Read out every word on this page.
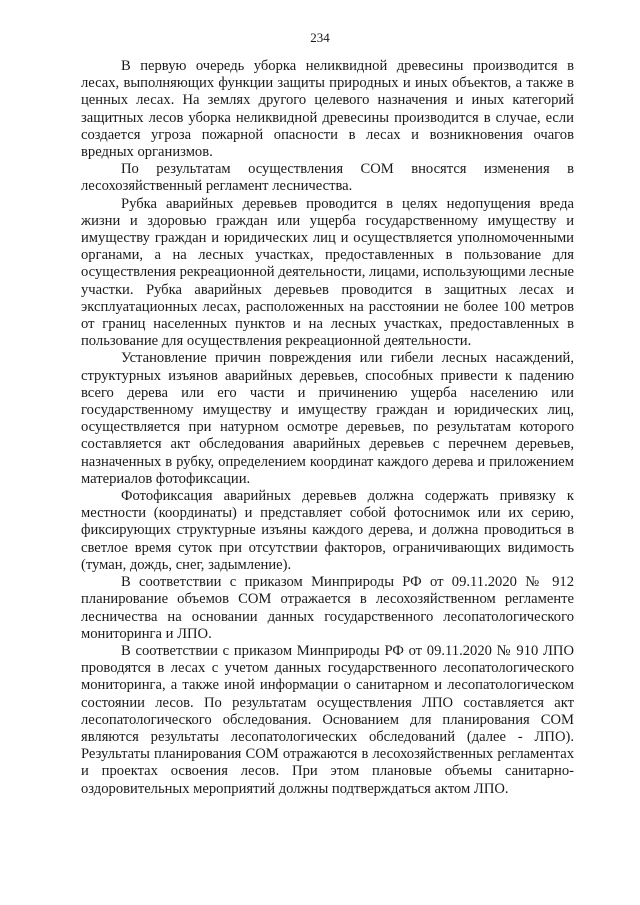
234

В первую очередь уборка неликвидной древесины производится в лесах, выполняющих функции защиты природных и иных объектов, а также в ценных лесах. На землях другого целевого назначения и иных категорий защитных лесов уборка неликвидной древесины производится в случае, если создается угроза пожарной опасности в лесах и возникновения очагов вредных организмов.

По результатам осуществления СОМ вносятся изменения в лесохозяйственный регламент лесничества.

Рубка аварийных деревьев проводится в целях недопущения вреда жизни и здоровью граждан или ущерба государственному имуществу и имуществу граждан и юридических лиц и осуществляется уполномоченными органами, а на лесных участках, предоставленных в пользование для осуществления рекреационной деятельности, лицами, использующими лесные участки. Рубка аварийных деревьев проводится в защитных лесах и эксплуатационных лесах, расположенных на расстоянии не более 100 метров от границ населенных пунктов и на лесных участках, предоставленных в пользование для осуществления рекреационной деятельности.

Установление причин повреждения или гибели лесных насаждений, структурных изъянов аварийных деревьев, способных привести к падению всего дерева или его части и причинению ущерба населению или государственному имуществу и имуществу граждан и юридических лиц, осуществляется при натурном осмотре деревьев, по результатам которого составляется акт обследования аварийных деревьев с перечнем деревьев, назначенных в рубку, определением координат каждого дерева и приложением материалов фотофиксации.

Фотофиксация аварийных деревьев должна содержать привязку к местности (координаты) и представляет собой фотоснимок или их серию, фиксирующих структурные изъяны каждого дерева, и должна проводиться в светлое время суток при отсутствии факторов, ограничивающих видимость (туман, дождь, снег, задымление).

В соответствии с приказом Минприроды РФ от 09.11.2020 № 912 планирование объемов СОМ отражается в лесохозяйственном регламенте лесничества на основании данных государственного лесопатологического мониторинга и ЛПО.

В соответствии с приказом Минприроды РФ от 09.11.2020 № 910 ЛПО проводятся в лесах с учетом данных государственного лесопатологического мониторинга, а также иной информации о санитарном и лесопатологическом состоянии лесов. По результатам осуществления ЛПО составляется акт лесопатологического обследования. Основанием для планирования СОМ являются результаты лесопатологических обследований (далее - ЛПО). Результаты планирования СОМ отражаются в лесохозяйственных регламентах и проектах освоения лесов. При этом плановые объемы санитарно-оздоровительных мероприятий должны подтверждаться актом ЛПО.
